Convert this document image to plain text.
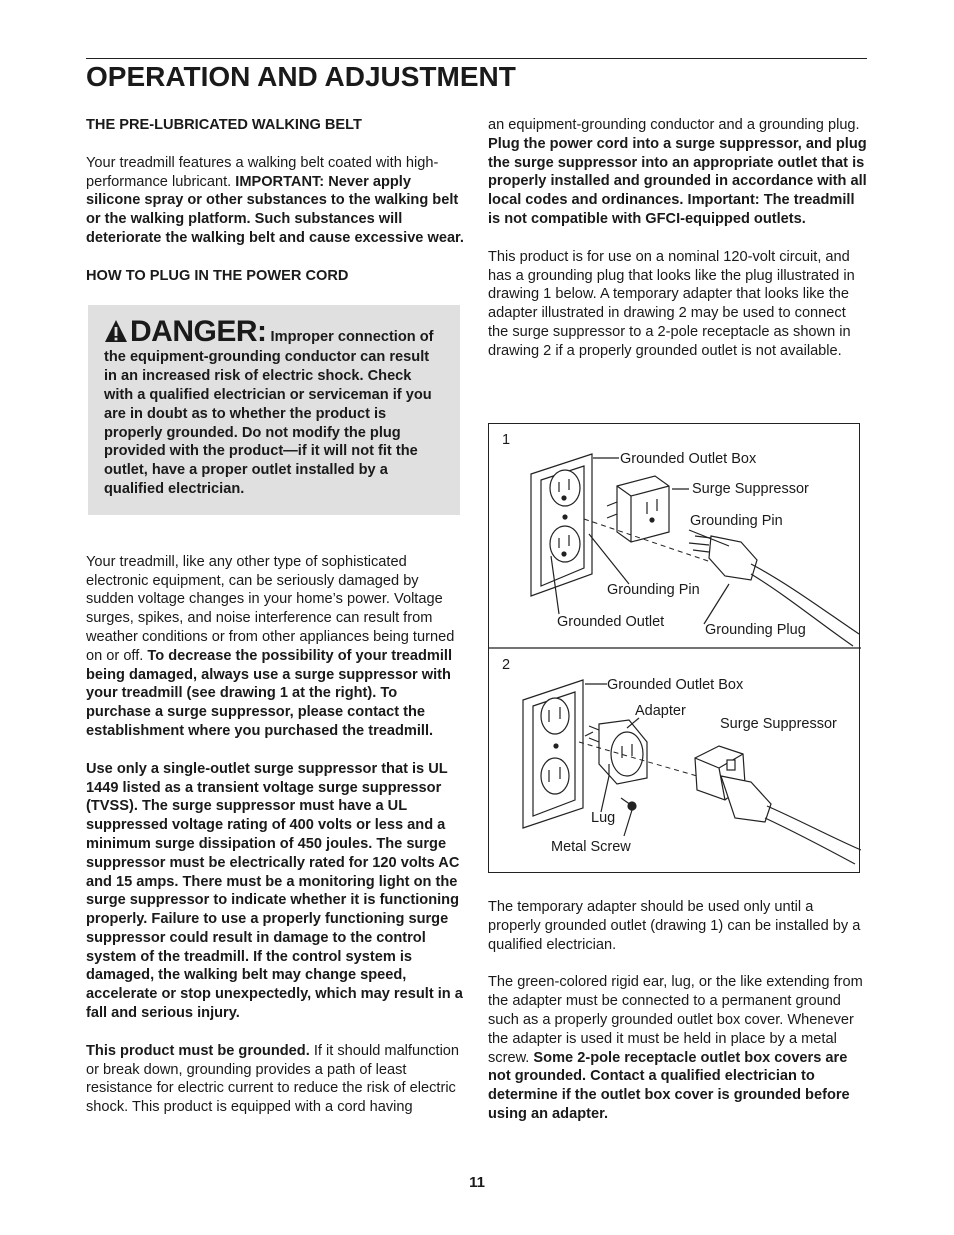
OPERATION AND ADJUSTMENT

THE PRE-LUBRICATED WALKING BELT

Your treadmill features a walking belt coated with high-performance lubricant. IMPORTANT: Never apply silicone spray or other substances to the walking belt or the walking platform. Such substances will deteriorate the walking belt and cause excessive wear.

HOW TO PLUG IN THE POWER CORD

DANGER: Improper connection of the equipment-grounding conductor can result in an increased risk of electric shock. Check with a qualified electrician or serviceman if you are in doubt as to whether the product is properly grounded. Do not modify the plug provided with the product—if it will not fit the outlet, have a proper outlet installed by a qualified electrician.

Your treadmill, like any other type of sophisticated electronic equipment, can be seriously damaged by sudden voltage changes in your home’s power. Voltage surges, spikes, and noise interference can result from weather conditions or from other appliances being turned on or off. To decrease the possibility of your treadmill being damaged, always use a surge suppressor with your treadmill (see drawing 1 at the right). To purchase a surge suppressor, please contact the establishment where you purchased the treadmill.

Use only a single-outlet surge suppressor that is UL 1449 listed as a transient voltage surge suppressor (TVSS). The surge suppressor must have a UL suppressed voltage rating of 400 volts or less and a minimum surge dissipation of 450 joules. The surge suppressor must be electrically rated for 120 volts AC and 15 amps. There must be a monitoring light on the surge suppressor to indicate whether it is functioning properly. Failure to use a properly functioning surge suppressor could result in damage to the control system of the treadmill. If the control system is damaged, the walking belt may change speed, accelerate or stop unexpectedly, which may result in a fall and serious injury.

This product must be grounded. If it should malfunction or break down, grounding provides a path of least resistance for electric current to reduce the risk of electric shock. This product is equipped with a cord having

an equipment-grounding conductor and a grounding plug. Plug the power cord into a surge suppressor, and plug the surge suppressor into an appropriate outlet that is properly installed and grounded in accordance with all local codes and ordinances. Important: The treadmill is not compatible with GFCI-equipped outlets.

This product is for use on a nominal 120-volt circuit, and has a grounding plug that looks like the plug illustrated in drawing 1 below. A temporary adapter that looks like the adapter illustrated in drawing 2 may be used to connect the surge suppressor to a 2-pole receptacle as shown in drawing 2 if a properly grounded outlet is not available.

1
Grounded Outlet Box
Surge Suppressor
Grounding Pin
Grounding Pin
Grounded Outlet	Grounding Plug
2
Grounded Outlet Box
Adapter
Surge Suppressor
Lug
Metal Screw

The temporary adapter should be used only until a properly grounded outlet (drawing 1) can be installed by a qualified electrician.

The green-colored rigid ear, lug, or the like extending from the adapter must be connected to a permanent ground such as a properly grounded outlet box cover. Whenever the adapter is used it must be held in place by a metal screw. Some 2-pole receptacle outlet box covers are not grounded. Contact a qualified electrician to determine if the outlet box cover is grounded before using an adapter.

11
